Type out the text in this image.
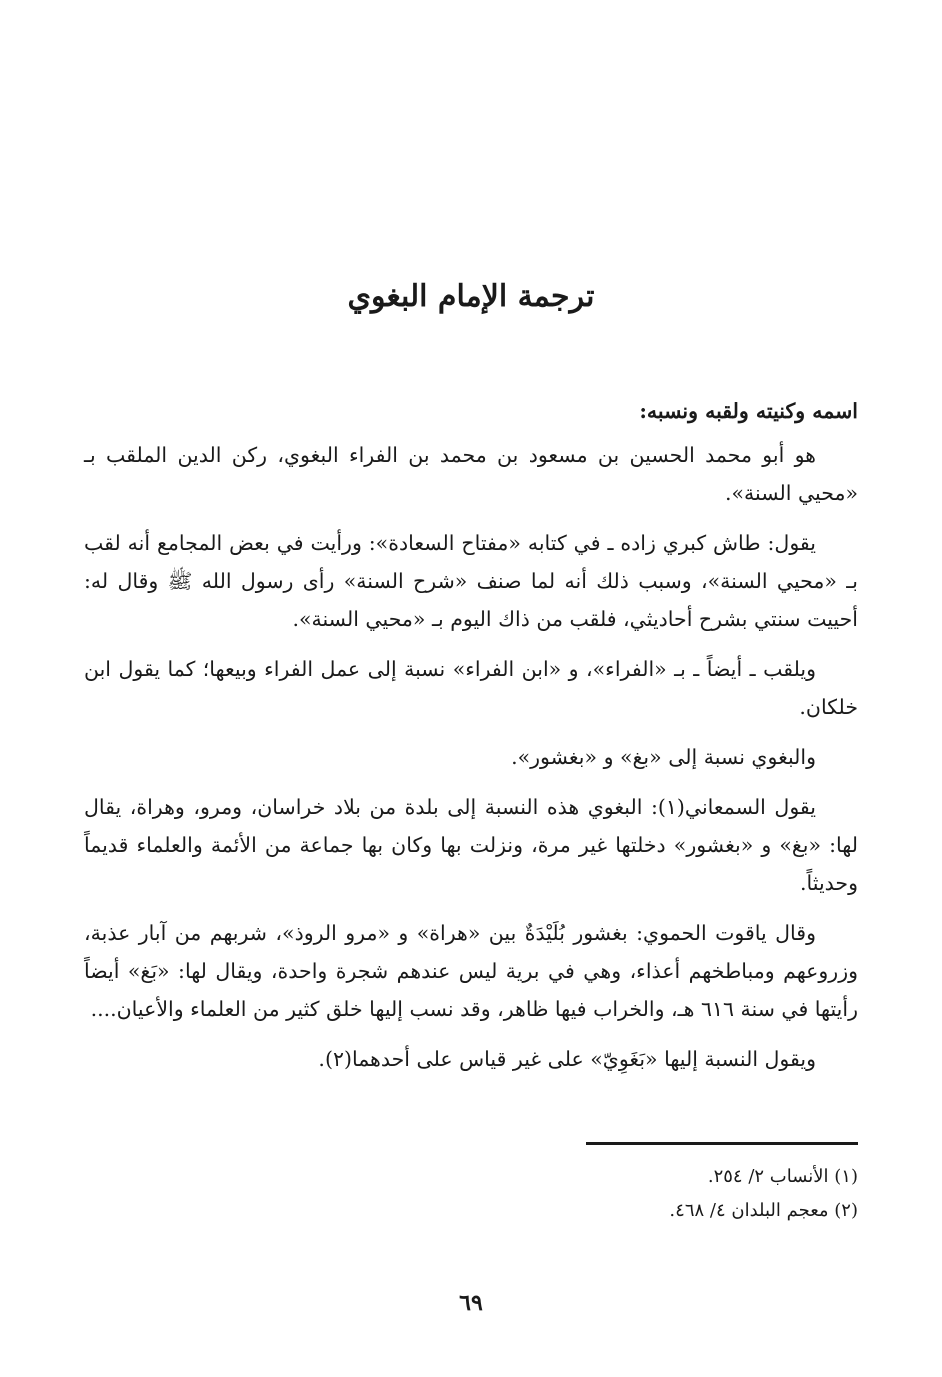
ترجمة الإمام البغوي
اسمه وكنيته ولقبه ونسبه:

هو أبو محمد الحسين بن مسعود بن محمد بن الفراء البغوي، ركن الدين الملقب بـ «محيي السنة».

يقول: طاش كبري زاده ـ في كتابه «مفتاح السعادة»: ورأيت في بعض المجامع أنه لقب بـ «محيي السنة»، وسبب ذلك أنه لما صنف «شرح السنة» رأى رسول الله ﷺ وقال له: أحييت سنتي بشرح أحاديثي، فلقب من ذاك اليوم بـ «محيي السنة».

ويلقب ـ أيضاً ـ بـ «الفراء»، و «ابن الفراء» نسبة إلى عمل الفراء وبيعها؛ كما يقول ابن خلكان.

والبغوي نسبة إلى «بغ» و «بغشور».

يقول السمعاني(١): البغوي هذه النسبة إلى بلدة من بلاد خراسان، ومرو، وهراة، يقال لها: «بغ» و «بغشور» دخلتها غير مرة، ونزلت بها وكان بها جماعة من الأئمة والعلماء قديماً وحديثاً.

وقال ياقوت الحموي: بغشور بُلَيْدَةٌ بين «هراة» و «مرو الروذ»، شربهم من آبار عذبة، وزروعهم ومباطخهم أعذاء، وهي في برية ليس عندهم شجرة واحدة، ويقال لها: «بَغ» أيضاً رأيتها في سنة ٦١٦ هـ، والخراب فيها ظاهر، وقد نسب إليها خلق كثير من العلماء والأعيان....

ويقول النسبة إليها «بَغَوِيّ» على غير قياس على أحدهما(٢).

(١) الأنساب ٢/ ٢٥٤.

(٢) معجم البلدان ٤/ ٤٦٨.

٦٩
